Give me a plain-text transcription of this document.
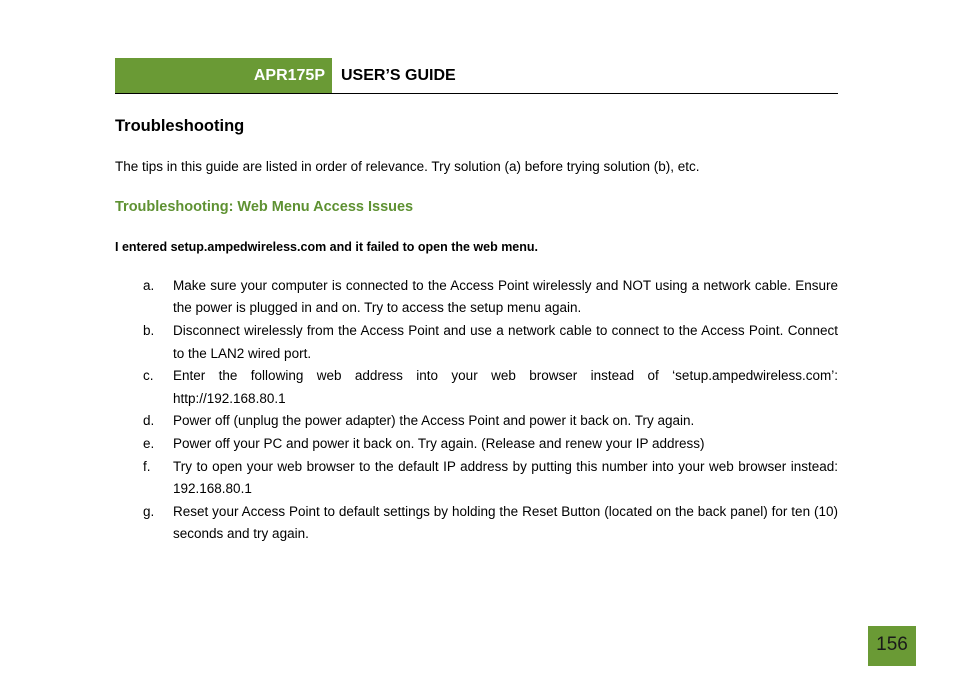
APR175P	USER’S GUIDE
Troubleshooting
The tips in this guide are listed in order of relevance. Try solution (a) before trying solution (b), etc.
Troubleshooting: Web Menu Access Issues
I entered setup.ampedwireless.com and it failed to open the web menu.
a. Make sure your computer is connected to the Access Point wirelessly and NOT using a network cable. Ensure the power is plugged in and on. Try to access the setup menu again.
b. Disconnect wirelessly from the Access Point and use a network cable to connect to the Access Point. Connect to the LAN2 wired port.
c. Enter the following web address into your web browser instead of ‘setup.ampedwireless.com’: http://192.168.80.1
d. Power off (unplug the power adapter) the Access Point and power it back on. Try again.
e. Power off your PC and power it back on. Try again. (Release and renew your IP address)
f. Try to open your web browser to the default IP address by putting this number into your web browser instead: 192.168.80.1
g. Reset your Access Point to default settings by holding the Reset Button (located on the back panel) for ten (10) seconds and try again.
156
